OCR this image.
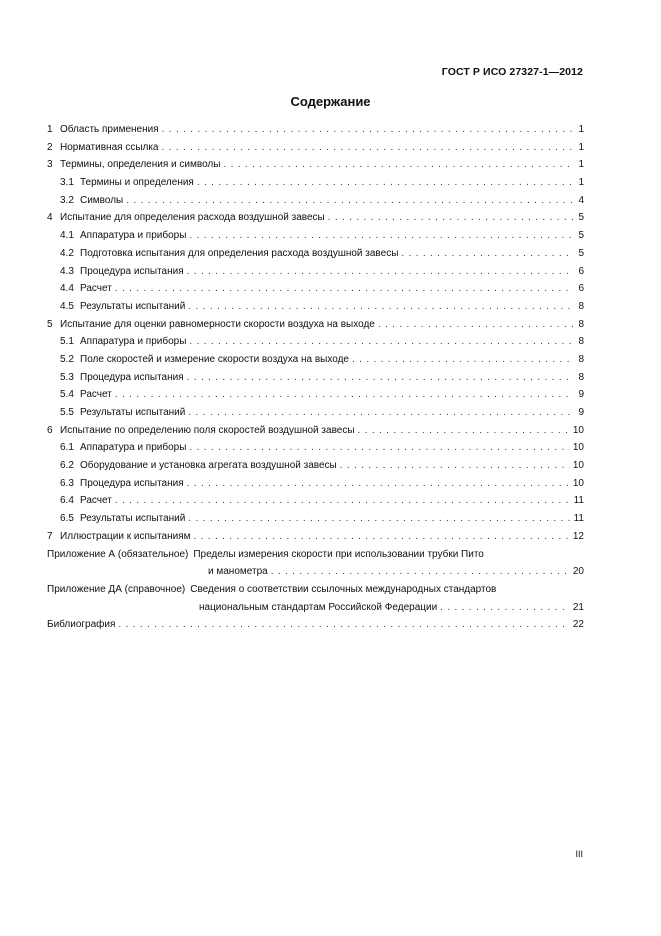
ГОСТ Р ИСО 27327-1—2012
Содержание
1 Область применения . . .	1
2 Нормативная ссылка . . .	1
3 Термины, определения и символы . . .	1
3.1 Термины и определения . . .	1
3.2 Символы . . .	4
4 Испытание для определения расхода воздушной завесы . . .	5
4.1 Аппаратура и приборы . . .	5
4.2 Подготовка испытания для определения расхода воздушной завесы . . .	5
4.3 Процедура испытания . . .	6
4.4 Расчет . . .	6
4.5 Результаты испытаний . . .	8
5 Испытание для оценки равномерности скорости воздуха на выходе . . .	8
5.1 Аппаратура и приборы . . .	8
5.2 Поле скоростей и измерение скорости воздуха на выходе . . .	8
5.3 Процедура испытания . . .	8
5.4 Расчет . . .	9
5.5 Результаты испытаний . . .	9
6 Испытание по определению поля скоростей воздушной завесы . . .	10
6.1 Аппаратура и приборы . . .	10
6.2 Оборудование и установка агрегата воздушной завесы . . .	10
6.3 Процедура испытания . . .	10
6.4 Расчет . . .	11
6.5 Результаты испытаний . . .	11
7 Иллюстрации к испытаниям . . .	12
Приложение А (обязательное) Пределы измерения скорости при использовании трубки Пито
и манометра . . .	20
Приложение ДА (справочное) Сведения о соответствии ссылочных международных стандартов
национальным стандартам Российской Федерации . . .	21
Библиография . . .	22
III
